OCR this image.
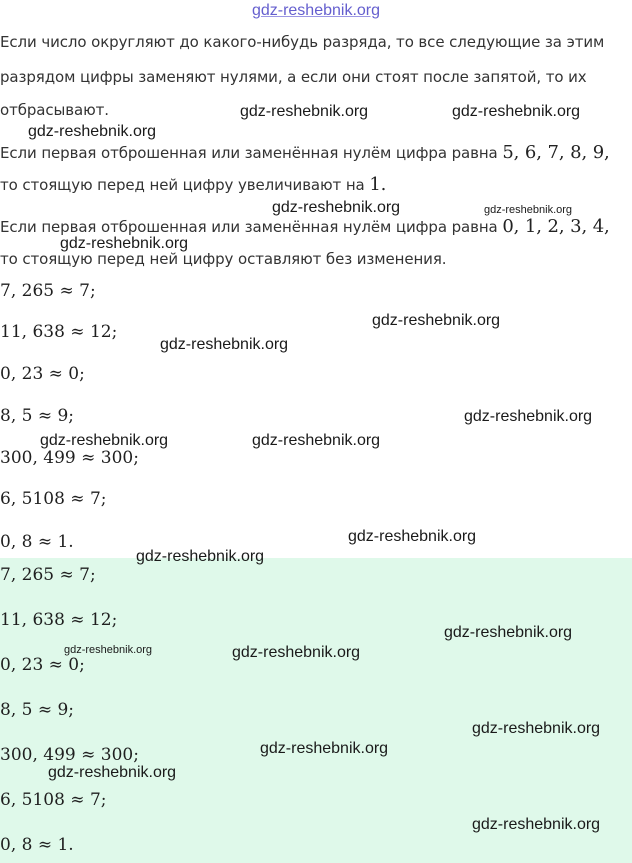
gdz-reshebnik.org
Если число округляют до какого-нибудь разряда, то все следующие за этим
разрядом цифры заменяют нулями, а если они стоят после запятой, то их
отбрасывают.
Если первая отброшенная или заменённая нулём цифра равна 5, 6, 7, 8, 9,
то стоящую перед ней цифру увеличивают на 1.
Если первая отброшенная или заменённая нулём цифра равна 0, 1, 2, 3, 4,
то стоящую перед ней цифру оставляют без изменения.
7, 265 ≈ 7;
11, 638 ≈ 12;
0, 23 ≈ 0;
8, 5 ≈ 9;
300, 499 ≈ 300;
6, 5108 ≈ 7;
0, 8 ≈ 1.
7, 265 ≈ 7;
11, 638 ≈ 12;
0, 23 ≈ 0;
8, 5 ≈ 9;
300, 499 ≈ 300;
6, 5108 ≈ 7;
0, 8 ≈ 1.
gdz-reshebnik.org	gdz-reshebnik.org
gdz-reshebnik.org
gdz-reshebnik.org	gdz-reshebnik.org
gdz-reshebnik.org
gdz-reshebnik.org
gdz-reshebnik.org
gdz-reshebnik.org
gdz-reshebnik.org	gdz-reshebnik.org
gdz-reshebnik.org
gdz-reshebnik.org
gdz-reshebnik.org
gdz-reshebnik.org	gdz-reshebnik.org
gdz-reshebnik.org
gdz-reshebnik.org
gdz-reshebnik.org
gdz-reshebnik.org
